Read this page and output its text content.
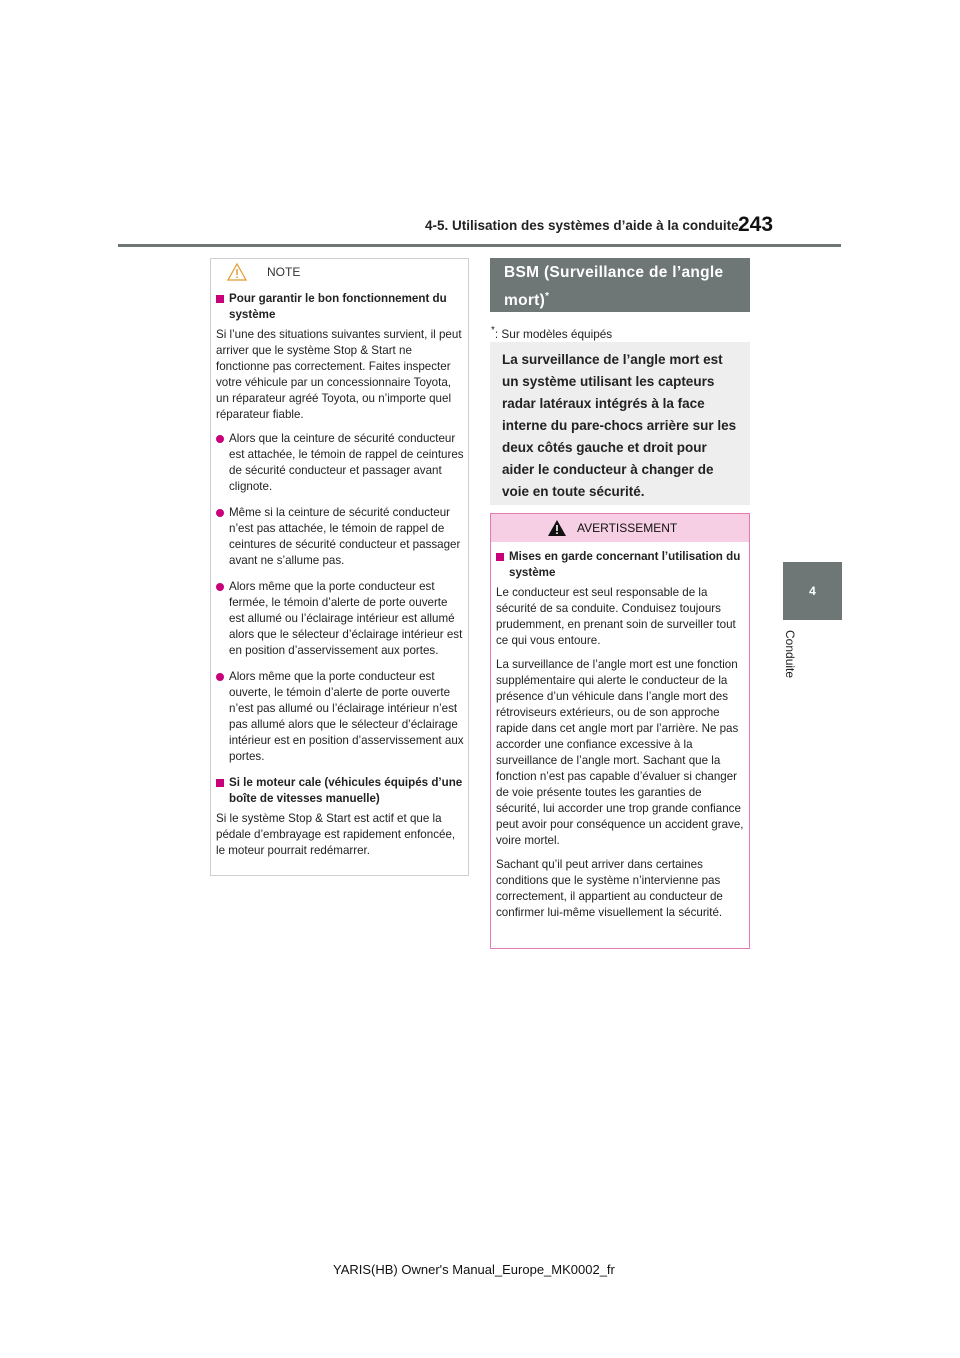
4-5. Utilisation des systèmes d’aide à la conduite 243
4
Conduite
NOTE
Pour garantir le bon fonctionnement du système

Si l’une des situations suivantes survient, il peut arriver que le système Stop & Start ne fonctionne pas correctement. Faites inspecter votre véhicule par un concessionnaire Toyota, un réparateur agréé Toyota, ou n’importe quel réparateur fiable.

Alors que la ceinture de sécurité conducteur est attachée, le témoin de rappel de ceintures de sécurité conducteur et passager avant clignote.
Même si la ceinture de sécurité conducteur n’est pas attachée, le témoin de rappel de ceintures de sécurité conducteur et passager avant ne s’allume pas.
Alors même que la porte conducteur est fermée, le témoin d’alerte de porte ouverte est allumé ou l’éclairage intérieur est allumé alors que le sélecteur d’éclairage intérieur est en position d’asservissement aux portes.
Alors même que la porte conducteur est ouverte, le témoin d’alerte de porte ouverte n’est pas allumé ou l’éclairage intérieur n’est pas allumé alors que le sélecteur d’éclairage intérieur est en position d’asservissement aux portes.
Si le moteur cale (véhicules équipés d’une boîte de vitesses manuelle)

Si le système Stop & Start est actif et que la pédale d’embrayage est rapidement enfoncée, le moteur pourrait redémarrer.

BSM (Surveillance de l’angle mort)*
*: Sur modèles équipés
La surveillance de l’angle mort est un système utilisant les capteurs radar latéraux intégrés à la face interne du pare-chocs arrière sur les deux côtés gauche et droit pour aider le conducteur à changer de voie en toute sécurité.
AVERTISSEMENT
Mises en garde concernant l’utilisation du système

Le conducteur est seul responsable de la sécurité de sa conduite. Conduisez toujours prudemment, en prenant soin de surveiller tout ce qui vous entoure.

La surveillance de l’angle mort est une fonction supplémentaire qui alerte le conducteur de la présence d’un véhicule dans l’angle mort des rétroviseurs extérieurs, ou de son approche rapide dans cet angle mort par l’arrière. Ne pas accorder une confiance excessive à la surveillance de l’angle mort. Sachant que la fonction n’est pas capable d’évaluer si changer de voie présente toutes les garanties de sécurité, lui accorder une trop grande confiance peut avoir pour conséquence un accident grave, voire mortel.

Sachant qu’il peut arriver dans certaines conditions que le système n’intervienne pas correctement, il appartient au conducteur de confirmer lui-même visuellement la sécurité.

YARIS(HB) Owner's Manual_Europe_MK0002_fr
